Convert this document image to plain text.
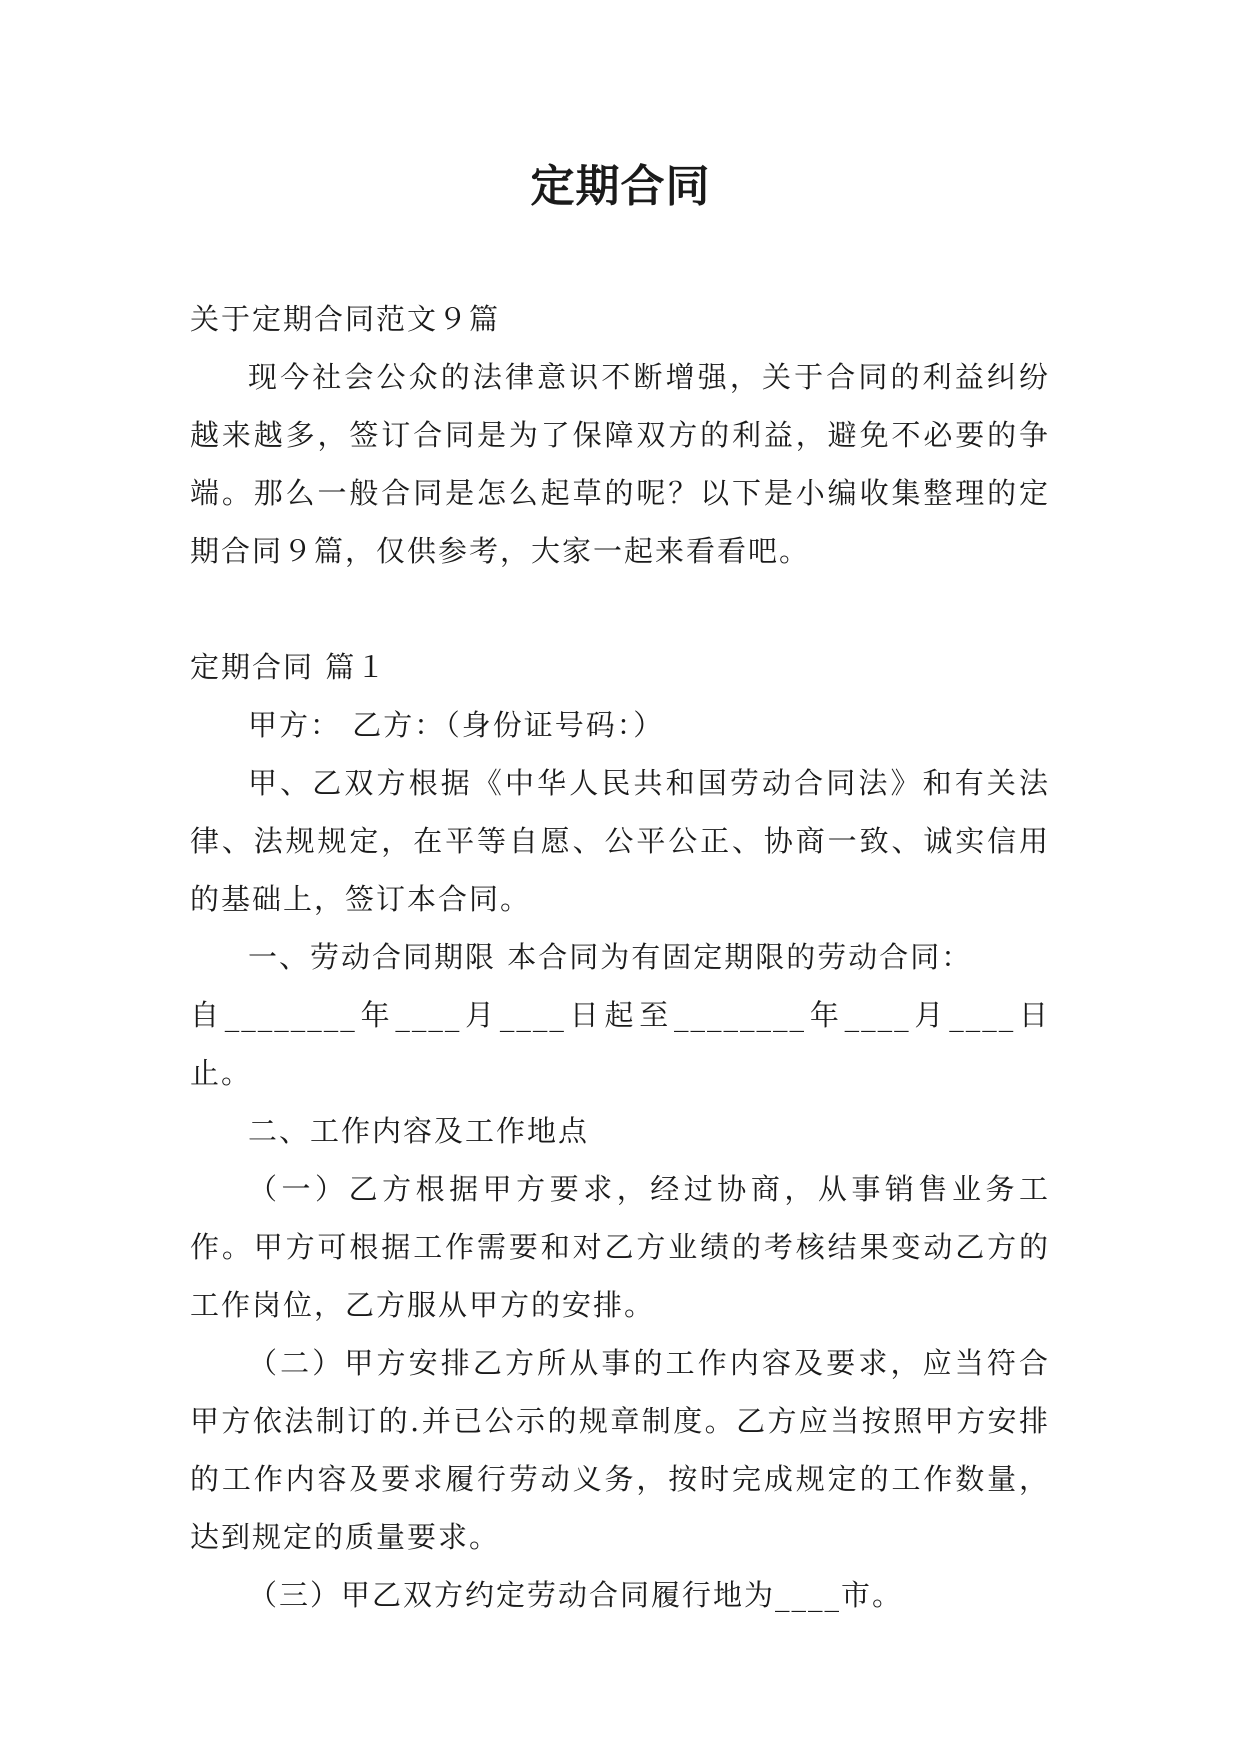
定期合同

关于定期合同范文９篇

现今社会公众的法律意识不断增强，关于合同的利益纠纷越来越多，签订合同是为了保障双方的利益，避免不必要的争端。那么一般合同是怎么起草的呢？以下是小编收集整理的定期合同９篇，仅供参考，大家一起来看看吧。

定期合同 篇１

甲方： 乙方：（身份证号码：）

甲、乙双方根据《中华人民共和国劳动合同法》和有关法律、法规规定，在平等自愿、公平公正、协商一致、诚实信用的基础上，签订本合同。

一、劳动合同期限 本合同为有固定期限的劳动合同：

自________年____月____日起至________年____月____日止。

二、工作内容及工作地点

（一）乙方根据甲方要求，经过协商，从事销售业务工作。甲方可根据工作需要和对乙方业绩的考核结果变动乙方的工作岗位，乙方服从甲方的安排。

（二）甲方安排乙方所从事的工作内容及要求，应当符合甲方依法制订的.并已公示的规章制度。乙方应当按照甲方安排的工作内容及要求履行劳动义务，按时完成规定的工作数量，达到规定的质量要求。

（三）甲乙双方约定劳动合同履行地为____市。
